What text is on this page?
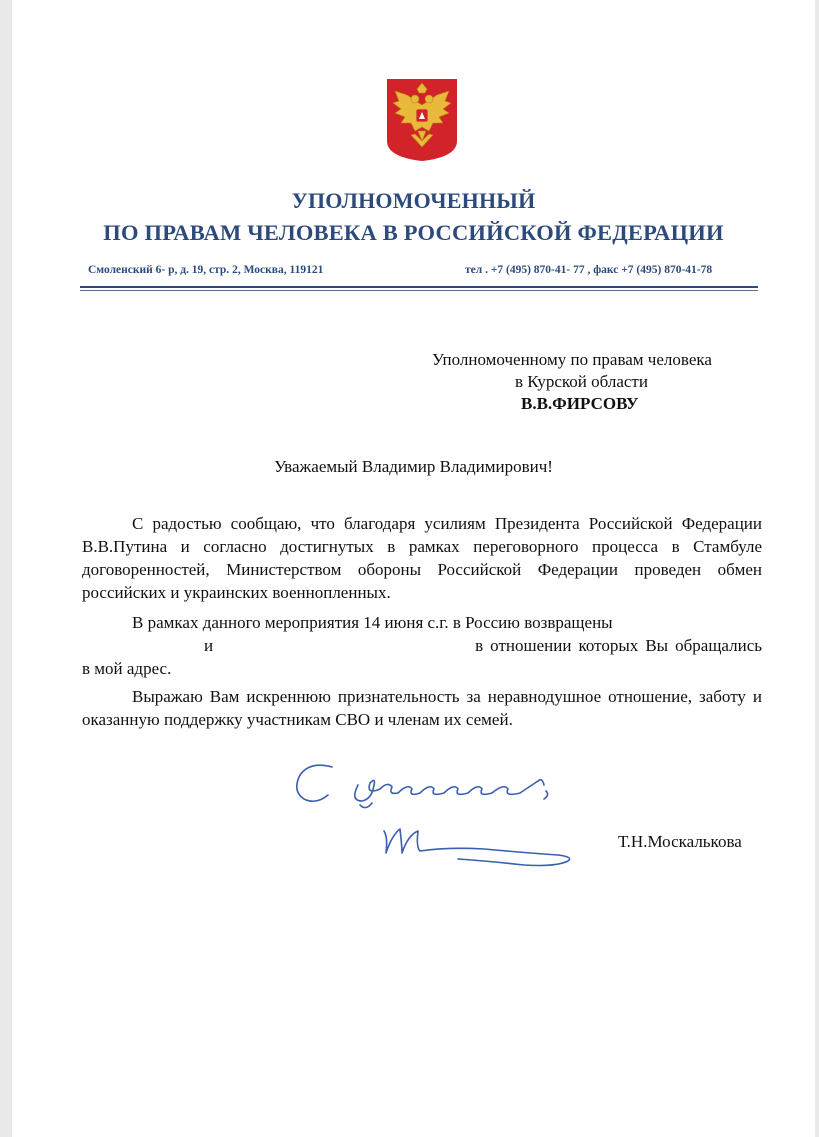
УПОЛНОМОЧЕННЫЙ
ПО ПРАВАМ ЧЕЛОВЕКА В РОССИЙСКОЙ ФЕДЕРАЦИИ
Смоленский 6- р, д. 19, стр. 2, Москва, 119121	тел . +7 (495) 870-41- 77 , факс +7 (495) 870-41-78
Уполномоченному по правам человека
в Курской области
В.В.ФИРСОВУ
Уважаемый Владимир Владимирович!
С радостью сообщаю, что благодаря усилиям Президента Российской Федерации В.В.Путина и согласно достигнутых в рамках переговорного процесса в Стамбуле договоренностей, Министерством обороны Российской Федерации проведен обмен российских и украинских военнопленных.
В рамках данного мероприятия 14 июня с.г. в Россию возвращены
и	в отношении которых Вы обращались в мой адрес.
Выражаю Вам искреннюю признательность за неравнодушное отношение, заботу и оказанную поддержку участникам СВО и членам их семей.
Т.Н.Москалькова
